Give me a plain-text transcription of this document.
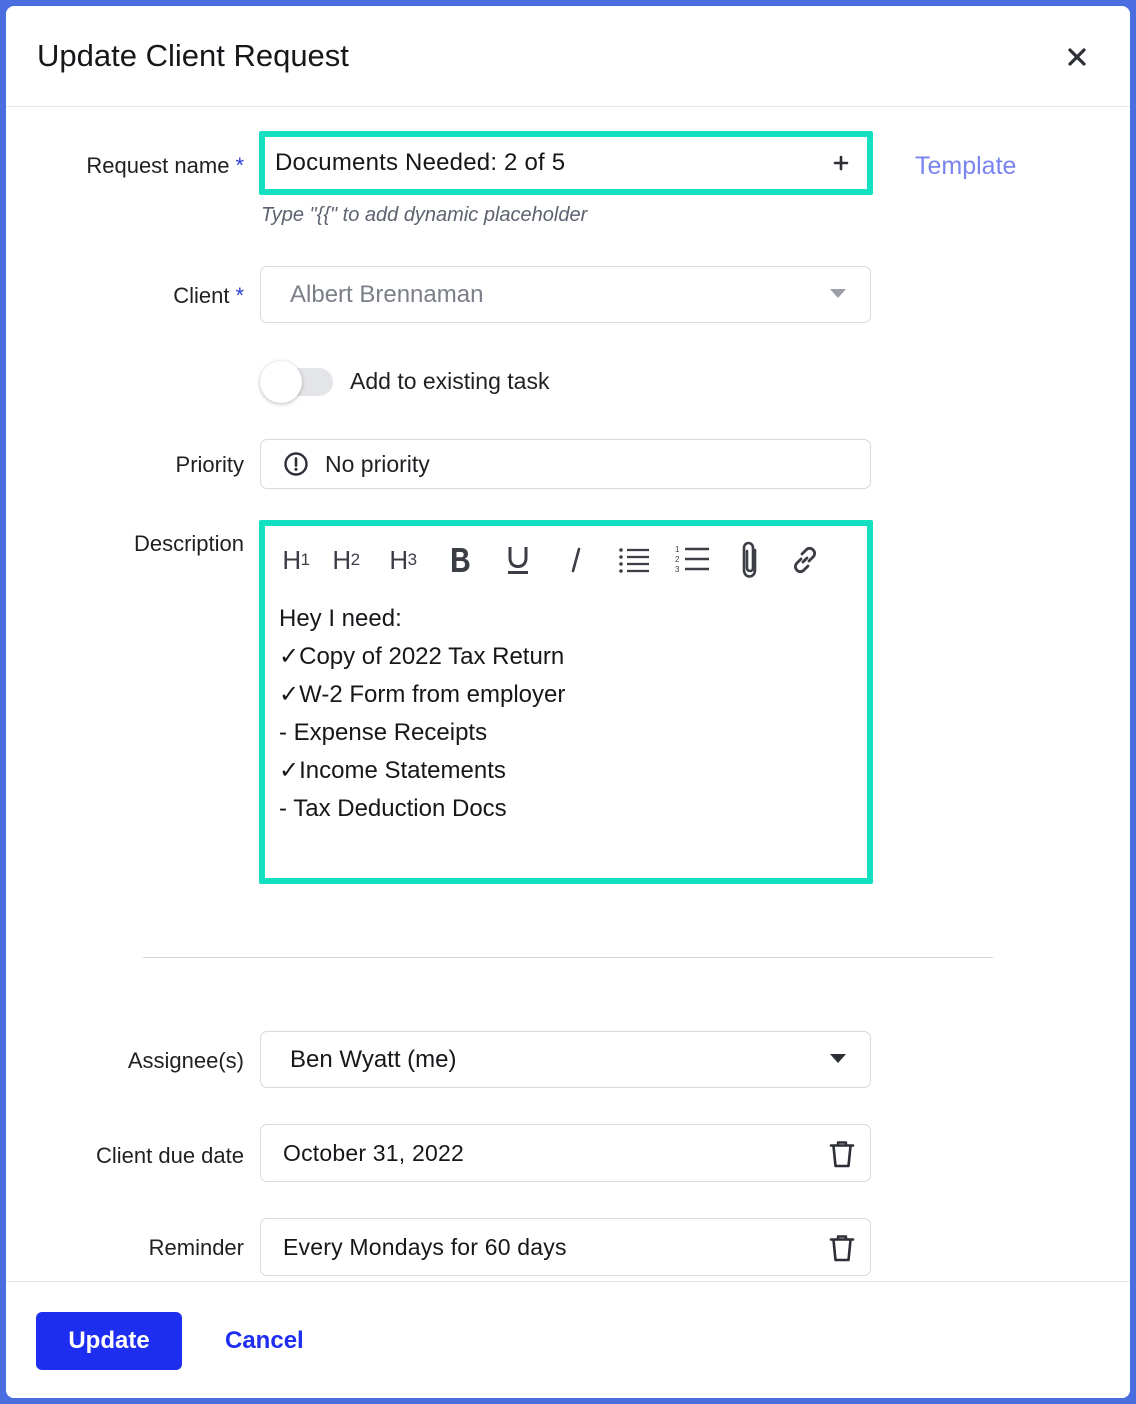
Update Client Request
Request name * Documents Needed: 2 of 5	Template
Type "{{" to add dynamic placeholder
Client * Albert Brennaman
Add to existing task
Priority	No priority
Description
H 1 H 2 H 3
1
2
3
Hey I need:
✓Copy of 2022 Tax Return
✓W-2 Form from employer
- Expense Receipts
✓Income Statements
- Tax Deduction Docs
Assignee(s) Ben Wyatt (me)
Client due date October 31, 2022
Reminder Every Mondays for 60 days
Update	Cancel
